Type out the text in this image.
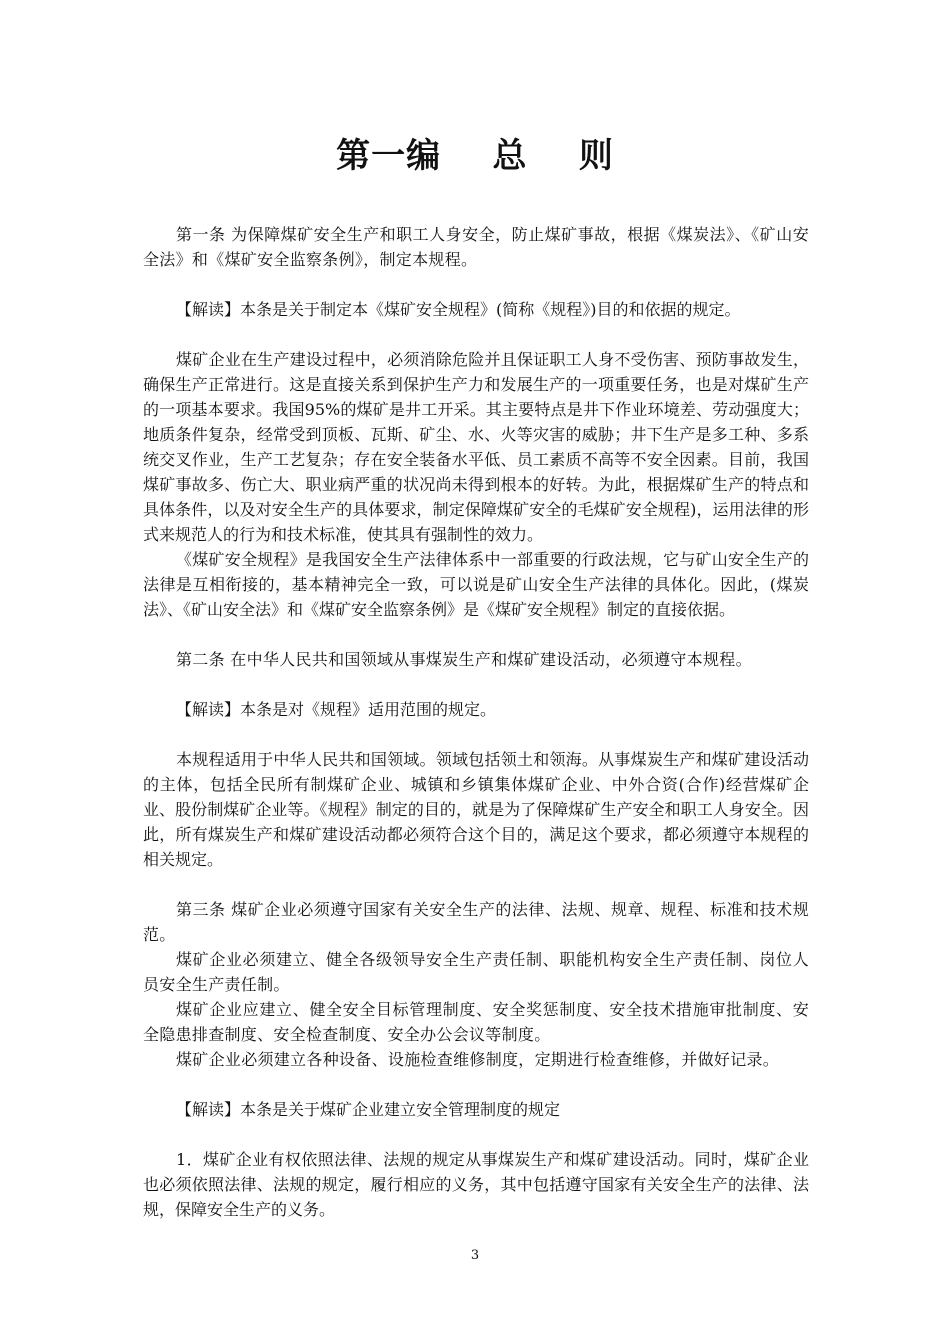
第一编    总    则

第一条 为保障煤矿安全生产和职工人身安全，防止煤矿事故，根据《煤炭法》、《矿山安全法》和《煤矿安全监察条例》，制定本规程。

【解读】本条是关于制定本《煤矿安全规程》(简称《规程》)目的和依据的规定。

煤矿企业在生产建设过程中，必须消除危险并且保证职工人身不受伤害、预防事故发生，确保生产正常进行。这是直接关系到保护生产力和发展生产的一项重要任务，也是对煤矿生产的一项基本要求。我国95%的煤矿是井工开采。其主要特点是井下作业环境差、劳动强度大；地质条件复杂，经常受到顶板、瓦斯、矿尘、水、火等灾害的威胁；井下生产是多工种、多系统交叉作业，生产工艺复杂；存在安全装备水平低、员工素质不高等不安全因素。目前，我国煤矿事故多、伤亡大、职业病严重的状况尚未得到根本的好转。为此，根据煤矿生产的特点和具体条件，以及对安全生产的具体要求，制定保障煤矿安全的毛煤矿安全规程)，运用法律的形式来规范人的行为和技术标准，使其具有强制性的效力。

《煤矿安全规程》是我国安全生产法律体系中一部重要的行政法规，它与矿山安全生产的法律是互相衔接的，基本精神完全一致，可以说是矿山安全生产法律的具体化。因此，(煤炭法》、《矿山安全法》和《煤矿安全监察条例》是《煤矿安全规程》制定的直接依据。

第二条 在中华人民共和国领域从事煤炭生产和煤矿建设活动，必须遵守本规程。

【解读】本条是对《规程》适用范围的规定。

本规程适用于中华人民共和国领域。领域包括领土和领海。从事煤炭生产和煤矿建设活动的主体，包括全民所有制煤矿企业、城镇和乡镇集体煤矿企业、中外合资(合作)经营煤矿企业、股份制煤矿企业等。《规程》制定的目的，就是为了保障煤矿生产安全和职工人身安全。因此，所有煤炭生产和煤矿建设活动都必须符合这个目的，满足这个要求，都必须遵守本规程的相关规定。

第三条 煤矿企业必须遵守国家有关安全生产的法律、法规、规章、规程、标准和技术规范。

煤矿企业必须建立、健全各级领导安全生产责任制、职能机构安全生产责任制、岗位人员安全生产责任制。

煤矿企业应建立、健全安全目标管理制度、安全奖惩制度、安全技术措施审批制度、安全隐患排查制度、安全检查制度、安全办公会议等制度。

煤矿企业必须建立各种设备、设施检查维修制度，定期进行检查维修，并做好记录。

【解读】本条是关于煤矿企业建立安全管理制度的规定

1．煤矿企业有权依照法律、法规的规定从事煤炭生产和煤矿建设活动。同时，煤矿企业也必须依照法律、法规的规定，履行相应的义务，其中包括遵守国家有关安全生产的法律、法规，保障安全生产的义务。

3
